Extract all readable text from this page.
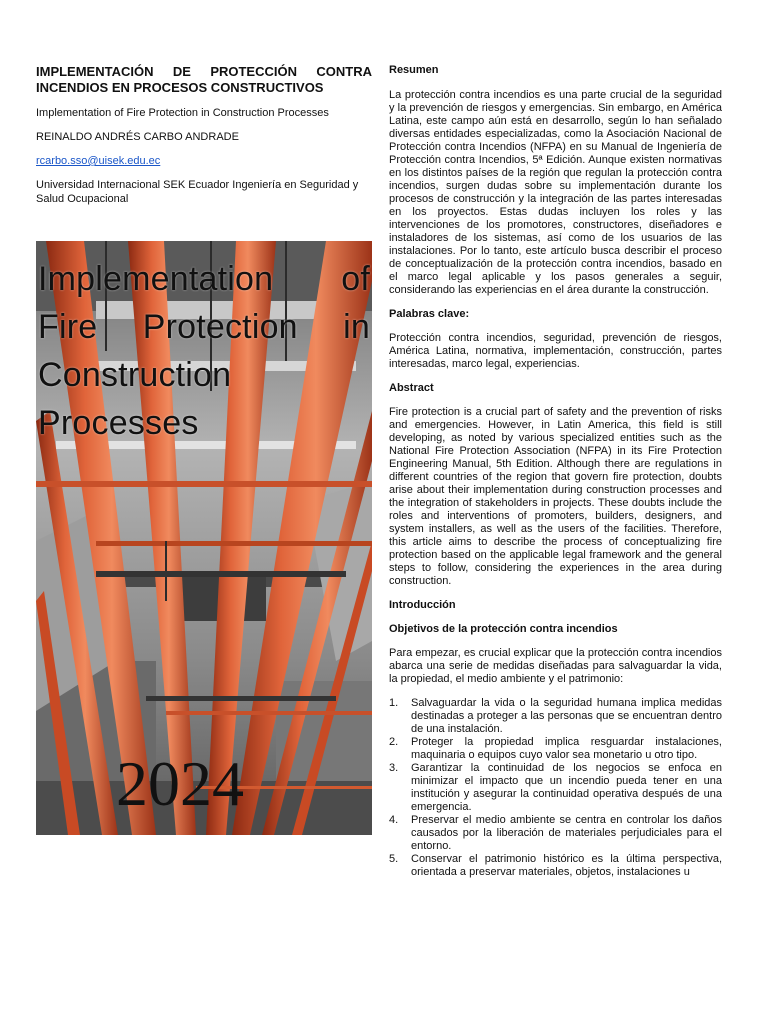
IMPLEMENTACIÓN DE PROTECCIÓN CONTRA INCENDIOS EN PROCESOS CONSTRUCTIVOS

Implementation of Fire Protection in Construction Processes

REINALDO ANDRÉS CARBO ANDRADE

rcarbo.sso@uisek.edu.ec

Universidad Internacional SEK Ecuador Ingeniería en Seguridad y Salud Ocupacional

Implementation of Fire Protection in Construction Processes
2024
Resumen

La protección contra incendios es una parte crucial de la seguridad y la prevención de riesgos y emergencias. Sin embargo, en América Latina, este campo aún está en desarrollo, según lo han señalado diversas entidades especializadas, como la Asociación Nacional de Protección contra Incendios (NFPA) en su Manual de Ingeniería de Protección contra Incendios, 5ª Edición. Aunque existen normativas en los distintos países de la región que regulan la protección contra incendios, surgen dudas sobre su implementación durante los procesos de construcción y la integración de las partes interesadas en los proyectos. Estas dudas incluyen los roles y las intervenciones de los promotores, constructores, diseñadores e instaladores de los sistemas, así como de los usuarios de las instalaciones. Por lo tanto, este artículo busca describir el proceso de conceptualización de la protección contra incendios, basado en el marco legal aplicable y los pasos generales a seguir, considerando las experiencias en el área durante la construcción.

Palabras clave:

Protección contra incendios, seguridad, prevención de riesgos, América Latina, normativa, implementación, construcción, partes interesadas, marco legal, experiencias.

Abstract

Fire protection is a crucial part of safety and the prevention of risks and emergencies. However, in Latin America, this field is still developing, as noted by various specialized entities such as the National Fire Protection Association (NFPA) in its Fire Protection Engineering Manual, 5th Edition. Although there are regulations in different countries of the region that govern fire protection, doubts arise about their implementation during construction processes and the integration of stakeholders in projects. These doubts include the roles and interventions of promoters, builders, designers, and system installers, as well as the users of the facilities. Therefore, this article aims to describe the process of conceptualizing fire protection based on the applicable legal framework and the general steps to follow, considering the experiences in the area during construction.

Introducción
Objetivos de la protección contra incendios

Para empezar, es crucial explicar que la protección contra incendios abarca una serie de medidas diseñadas para salvaguardar la vida, la propiedad, el medio ambiente y el patrimonio:

1.	Salvaguardar la vida o la seguridad humana implica medidas destinadas a proteger a las personas que se encuentran dentro de una instalación.
2.	Proteger la propiedad implica resguardar instalaciones, maquinaria o equipos cuyo valor sea monetario u otro tipo.
3.	Garantizar la continuidad de los negocios se enfoca en minimizar el impacto que un incendio pueda tener en una institución y asegurar la continuidad operativa después de una emergencia.
4.	Preservar el medio ambiente se centra en controlar los daños causados por la liberación de materiales perjudiciales para el entorno.
5.	Conservar el patrimonio histórico es la última perspectiva, orientada a preservar materiales, objetos, instalaciones u
